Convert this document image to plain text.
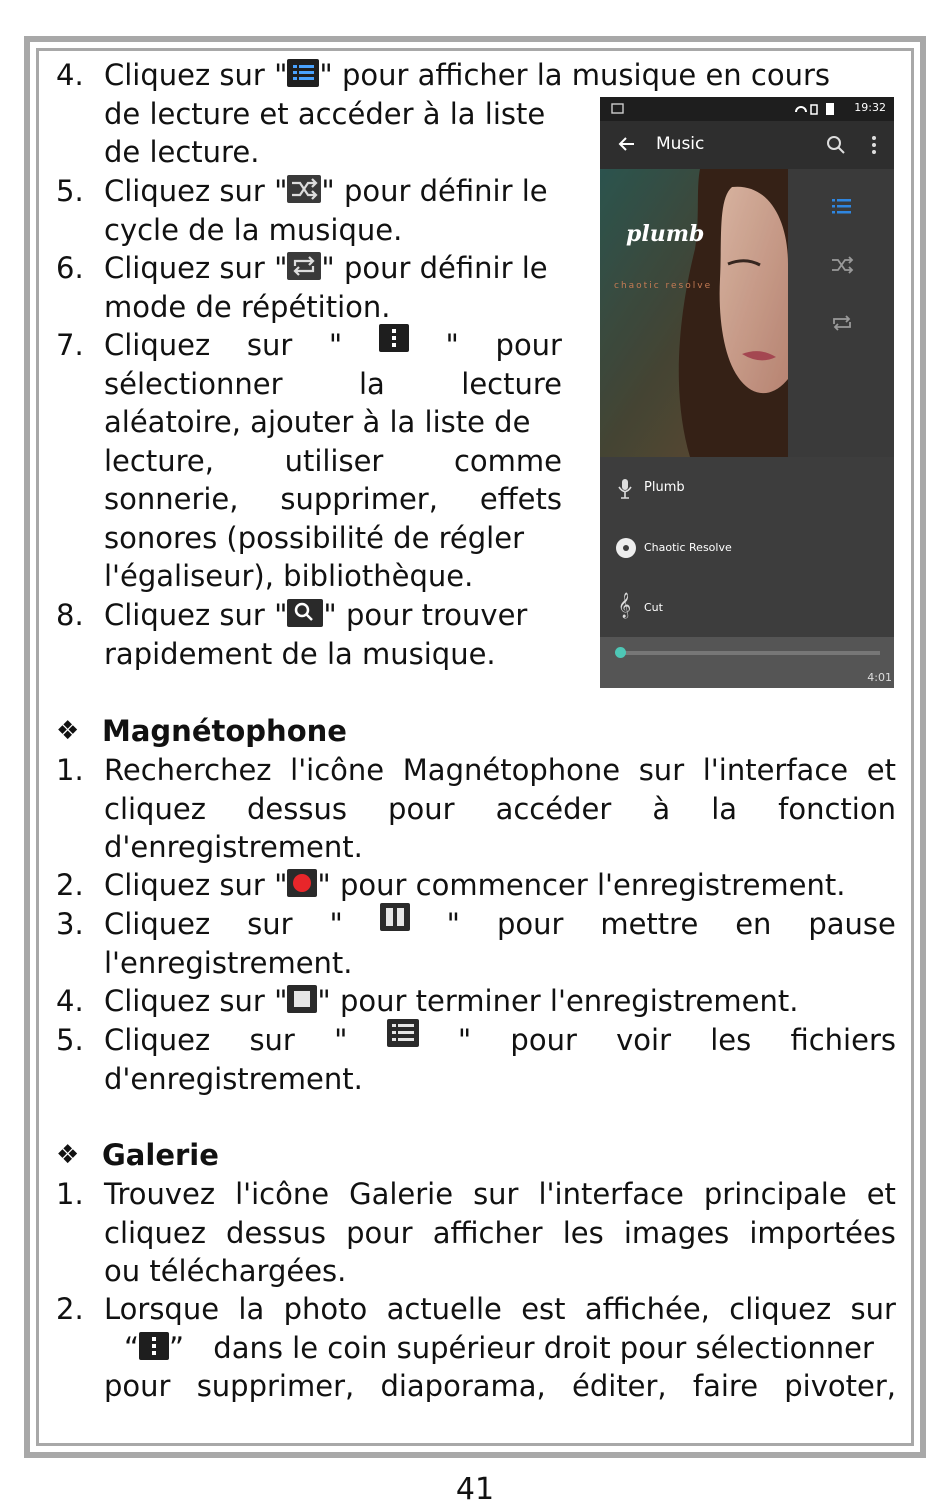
4. Cliquez sur " " pour afficher la musique en cours
de lecture et accéder à la liste
de lecture.
5. Cliquez sur " " pour définir le
cycle de la musique.
6. Cliquez sur " " pour définir le
mode de répétition.
7. Cliquez sur "	" pour
sélectionner	la	lecture
aléatoire, ajouter à la liste de
lecture, utiliser comme
sonnerie, supprimer, effets
sonores (possibilité de régler
l'égaliseur), bibliothèque.
8. Cliquez sur " " pour trouver
rapidement de la musique.
19:32
Music
plumb
chaotic resolve
Plumb
Chaotic Resolve
𝄞 Cut
4:01
❖ Magnétophone
1. Recherchez l'icône Magnétophone sur l'interface et
cliquez dessus pour accéder à la fonction
d'enregistrement.
2. Cliquez sur " " pour commencer l'enregistrement.
3. Cliquez sur "	" pour mettre en pause
l'enregistrement.
4. Cliquez sur " " pour terminer l'enregistrement.
5. Cliquez sur "	" pour voir les fichiers
d'enregistrement.
❖ Galerie
1. Trouvez l'icône Galerie sur l'interface principale et
cliquez dessus pour afficher les images importées
ou téléchargées.
2. Lorsque la photo actuelle est affichée, cliquez sur
“ ” dans le coin supérieur droit pour sélectionner
pour supprimer, diaporama, éditer, faire pivoter,
41
